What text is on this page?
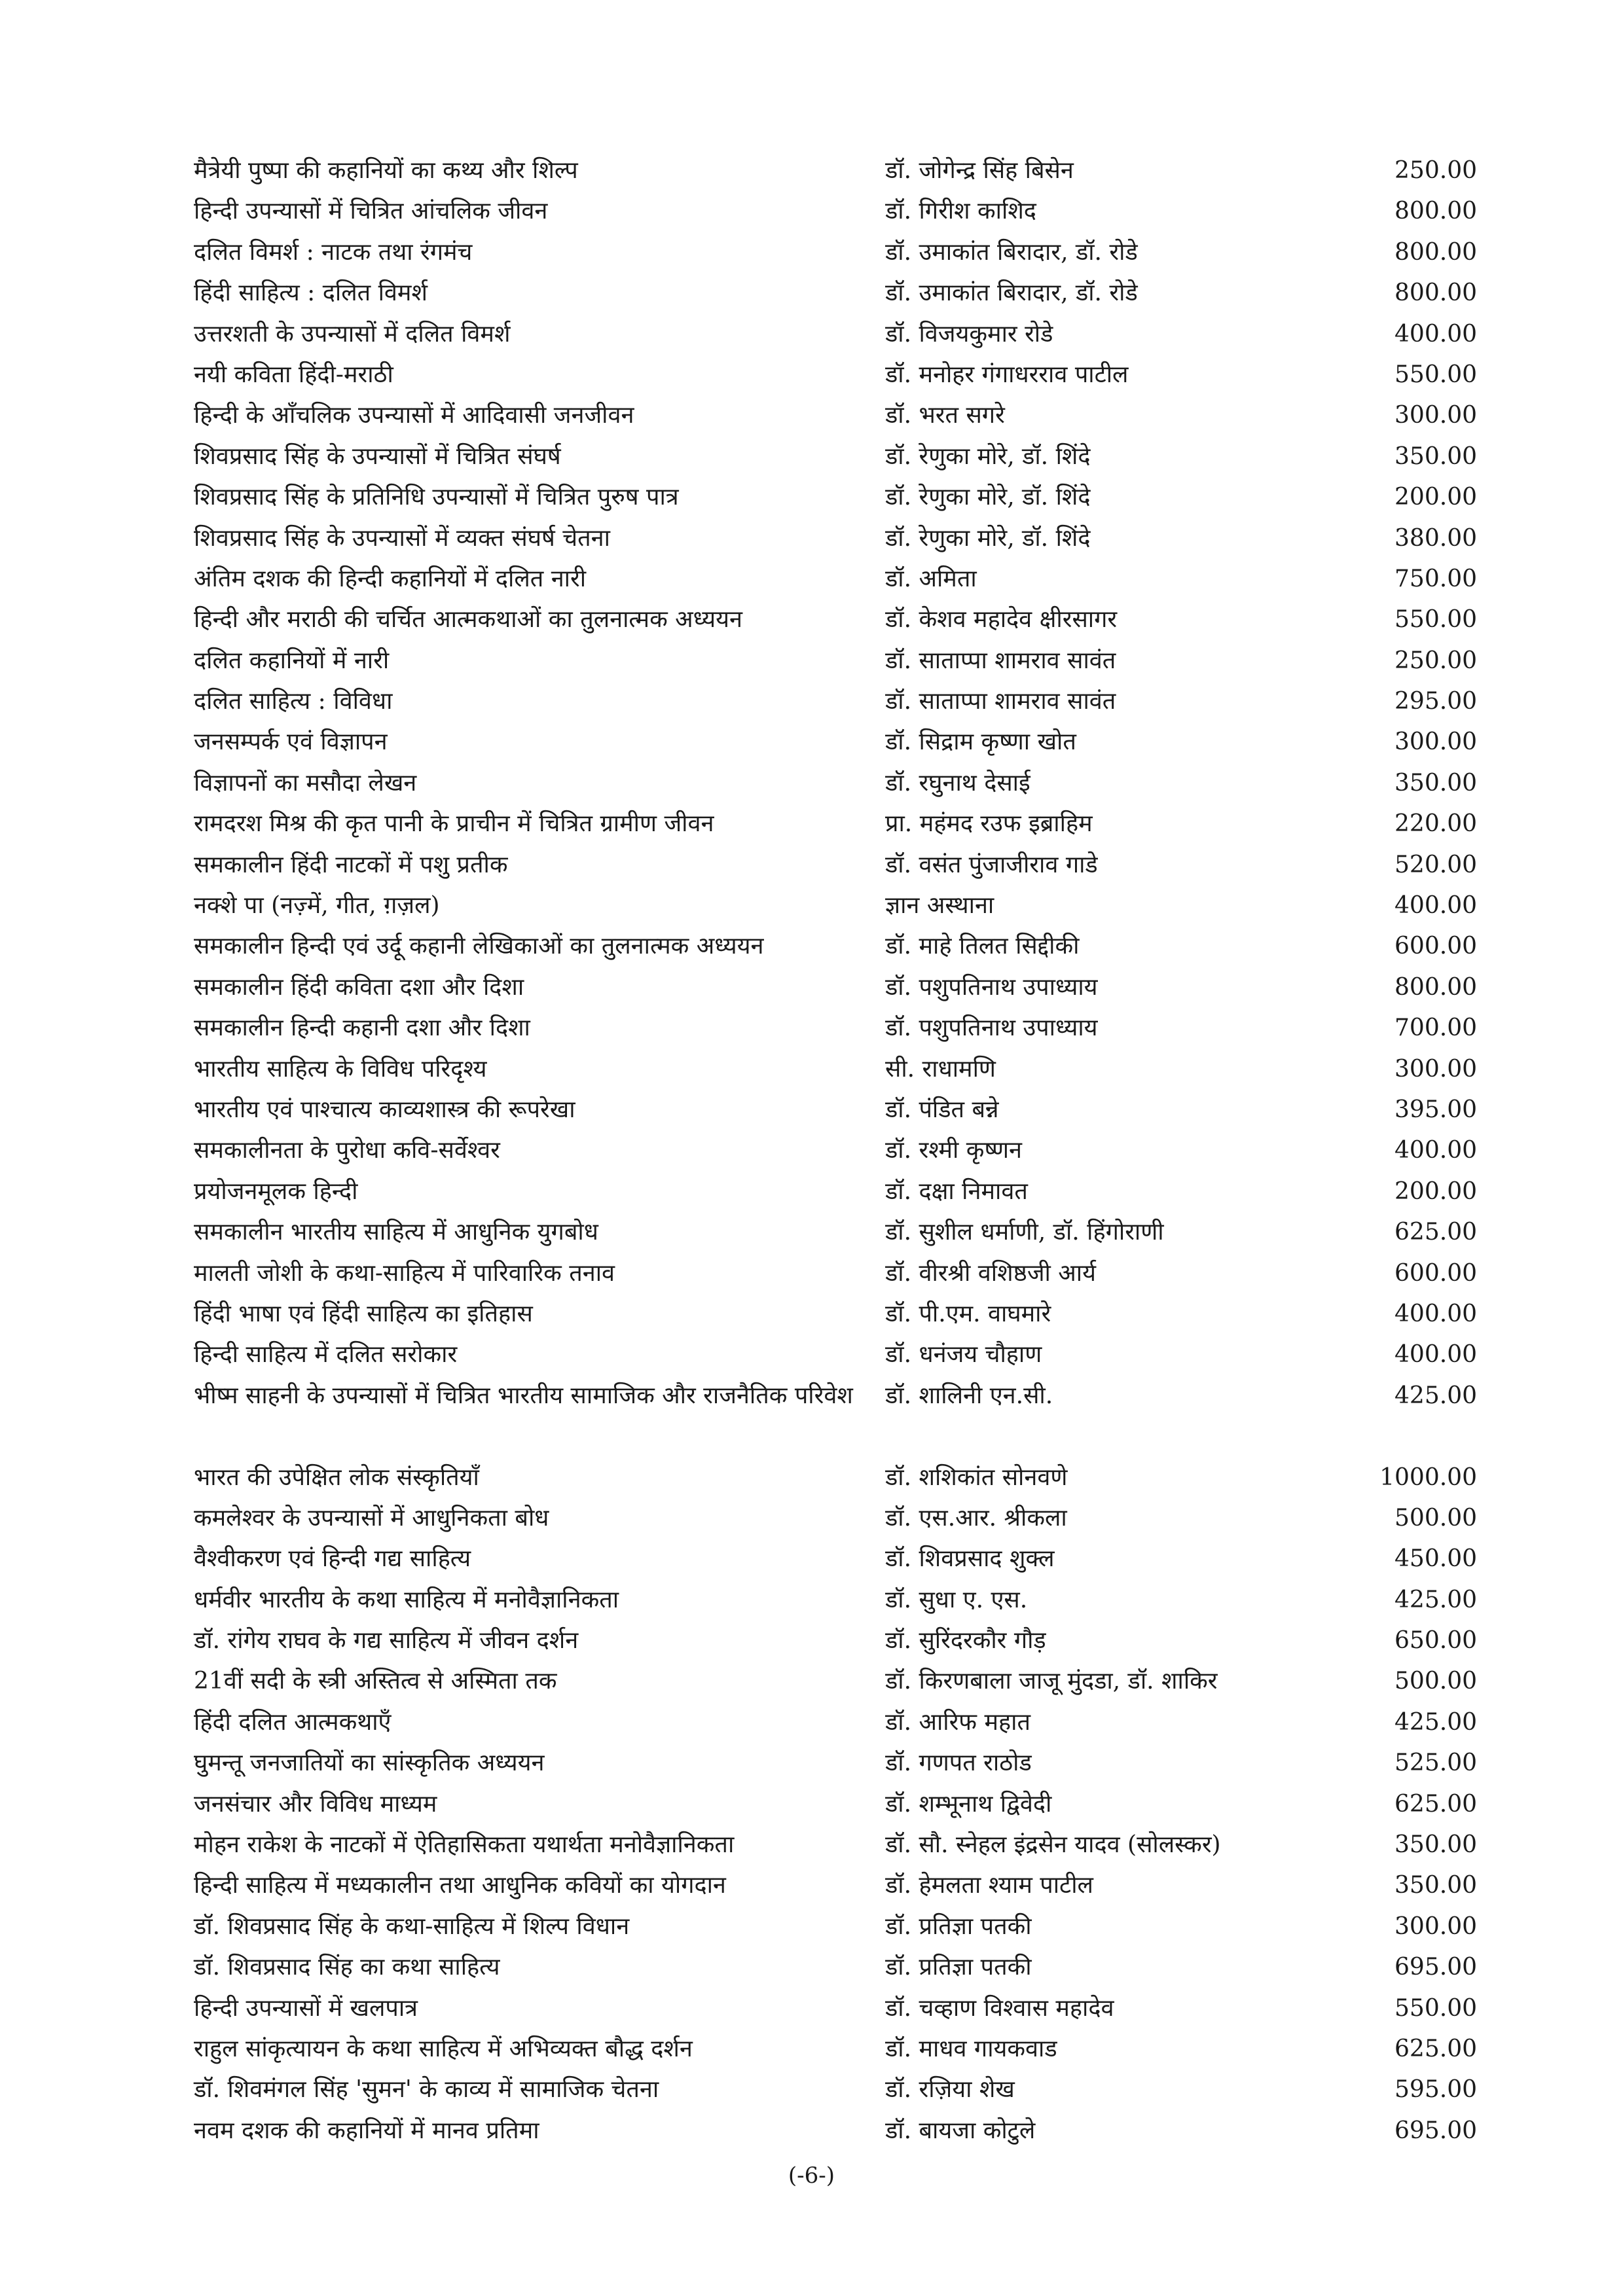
मैत्रेयी पुष्पा की कहानियों का कथ्य और शिल्प	डॉ. जोगेन्द्र सिंह बिसेन	250.00
हिन्दी उपन्यासों में चित्रित आंचलिक जीवन	डॉ. गिरीश काशिद	800.00
दलित विमर्श : नाटक तथा रंगमंच	डॉ. उमाकांत बिरादार, डॉ. रोडे	800.00
हिंदी साहित्य : दलित विमर्श	डॉ. उमाकांत बिरादार, डॉ. रोडे	800.00
उत्तरशती के उपन्यासों में दलित विमर्श	डॉ. विजयकुमार रोडे	400.00
नयी कविता हिंदी-मराठी	डॉ. मनोहर गंगाधरराव पाटील	550.00
हिन्दी के आँचलिक उपन्यासों में आदिवासी जनजीवन	डॉ. भरत सगरे	300.00
शिवप्रसाद सिंह के उपन्यासों में चित्रित संघर्ष	डॉ. रेणुका मोरे, डॉ. शिंदे	350.00
शिवप्रसाद सिंह के प्रतिनिधि उपन्यासों में चित्रित पुरुष पात्र	डॉ. रेणुका मोरे, डॉ. शिंदे	200.00
शिवप्रसाद सिंह के उपन्यासों में व्यक्त संघर्ष चेतना	डॉ. रेणुका मोरे, डॉ. शिंदे	380.00
अंतिम दशक की हिन्दी कहानियों में दलित नारी	डॉ. अमिता	750.00
हिन्दी और मराठी की चर्चित आत्मकथाओं का तुलनात्मक अध्ययन	डॉ. केशव महादेव क्षीरसागर	550.00
दलित कहानियों में नारी	डॉ. साताप्पा शामराव सावंत	250.00
दलित साहित्य : विविधा	डॉ. साताप्पा शामराव सावंत	295.00
जनसम्पर्क एवं विज्ञापन	डॉ. सिद्राम कृष्णा खोत	300.00
विज्ञापनों का मसौदा लेखन	डॉ. रघुनाथ देसाई	350.00
रामदरश मिश्र की कृत पानी के प्राचीन में चित्रित ग्रामीण जीवन	प्रा. महंमद रउफ इब्राहिम	220.00
समकालीन हिंदी नाटकों में पशु प्रतीक	डॉ. वसंत पुंजाजीराव गाडे	520.00
नक्शे पा (नज़्में, गीत, ग़ज़ल)	ज्ञान अस्थाना	400.00
समकालीन हिन्दी एवं उर्दू कहानी लेखिकाओं का तुलनात्मक अध्ययन	डॉ. माहे तिलत सिद्दीकी	600.00
समकालीन हिंदी कविता दशा और दिशा	डॉ. पशुपतिनाथ उपाध्याय	800.00
समकालीन हिन्दी कहानी दशा और दिशा	डॉ. पशुपतिनाथ उपाध्याय	700.00
भारतीय साहित्य के विविध परिदृश्य	सी. राधामणि	300.00
भारतीय एवं पाश्चात्य काव्यशास्त्र की रूपरेखा	डॉ. पंडित बन्ने	395.00
समकालीनता के पुरोधा कवि-सर्वेश्वर	डॉ. रश्मी कृष्णन	400.00
प्रयोजनमूलक हिन्दी	डॉ. दक्षा निमावत	200.00
समकालीन भारतीय साहित्य में आधुनिक युगबोध	डॉ. सुशील धर्माणी, डॉ. हिंगोराणी	625.00
मालती जोशी के कथा-साहित्य में पारिवारिक तनाव	डॉ. वीरश्री वशिष्ठजी आर्य	600.00
हिंदी भाषा एवं हिंदी साहित्य का इतिहास	डॉ. पी.एम. वाघमारे	400.00
हिन्दी साहित्य में दलित सरोकार	डॉ. धनंजय चौहाण	400.00
भीष्म साहनी के उपन्यासों में चित्रित भारतीय सामाजिक और राजनैतिक परिवेश	डॉ. शालिनी एन.सी.	425.00
भारत की उपेक्षित लोक संस्कृतियाँ	डॉ. शशिकांत सोनवणे	1000.00
कमलेश्वर के उपन्यासों में आधुनिकता बोध	डॉ. एस.आर. श्रीकला	500.00
वैश्वीकरण एवं हिन्दी गद्य साहित्य	डॉ. शिवप्रसाद शुक्ल	450.00
धर्मवीर भारतीय के कथा साहित्य में मनोवैज्ञानिकता	डॉ. सुधा ए. एस.	425.00
डॉ. रांगेय राघव के गद्य साहित्य में जीवन दर्शन	डॉ. सुरिंदरकौर गौड़	650.00
21वीं सदी के स्त्री अस्तित्व से अस्मिता तक	डॉ. किरणबाला जाजू मुंदडा, डॉ. शाकिर	500.00
हिंदी दलित आत्मकथाएँ	डॉ. आरिफ महात	425.00
घुमन्तू जनजातियों का सांस्कृतिक अध्ययन	डॉ. गणपत राठोड	525.00
जनसंचार और विविध माध्यम	डॉ. शम्भूनाथ द्विवेदी	625.00
मोहन राकेश के नाटकों में ऐतिहासिकता यथार्थता मनोवैज्ञानिकता	डॉ. सौ. स्नेहल इंद्रसेन यादव (सोलस्कर)	350.00
हिन्दी साहित्य में मध्यकालीन तथा आधुनिक कवियों का योगदान	डॉ. हेमलता श्याम पाटील	350.00
डॉ. शिवप्रसाद सिंह के कथा-साहित्य में शिल्प विधान	डॉ. प्रतिज्ञा पतकी	300.00
डॉ. शिवप्रसाद सिंह का कथा साहित्य	डॉ. प्रतिज्ञा पतकी	695.00
हिन्दी उपन्यासों में खलपात्र	डॉ. चव्हाण विश्वास महादेव	550.00
राहुल सांकृत्यायन के कथा साहित्य में अभिव्यक्त बौद्ध दर्शन	डॉ. माधव गायकवाड	625.00
डॉ. शिवमंगल सिंह 'सुमन' के काव्य में सामाजिक चेतना	डॉ. रज़िया शेख	595.00
नवम दशक की कहानियों में मानव प्रतिमा	डॉ. बायजा कोटुले	695.00
(-6-)
